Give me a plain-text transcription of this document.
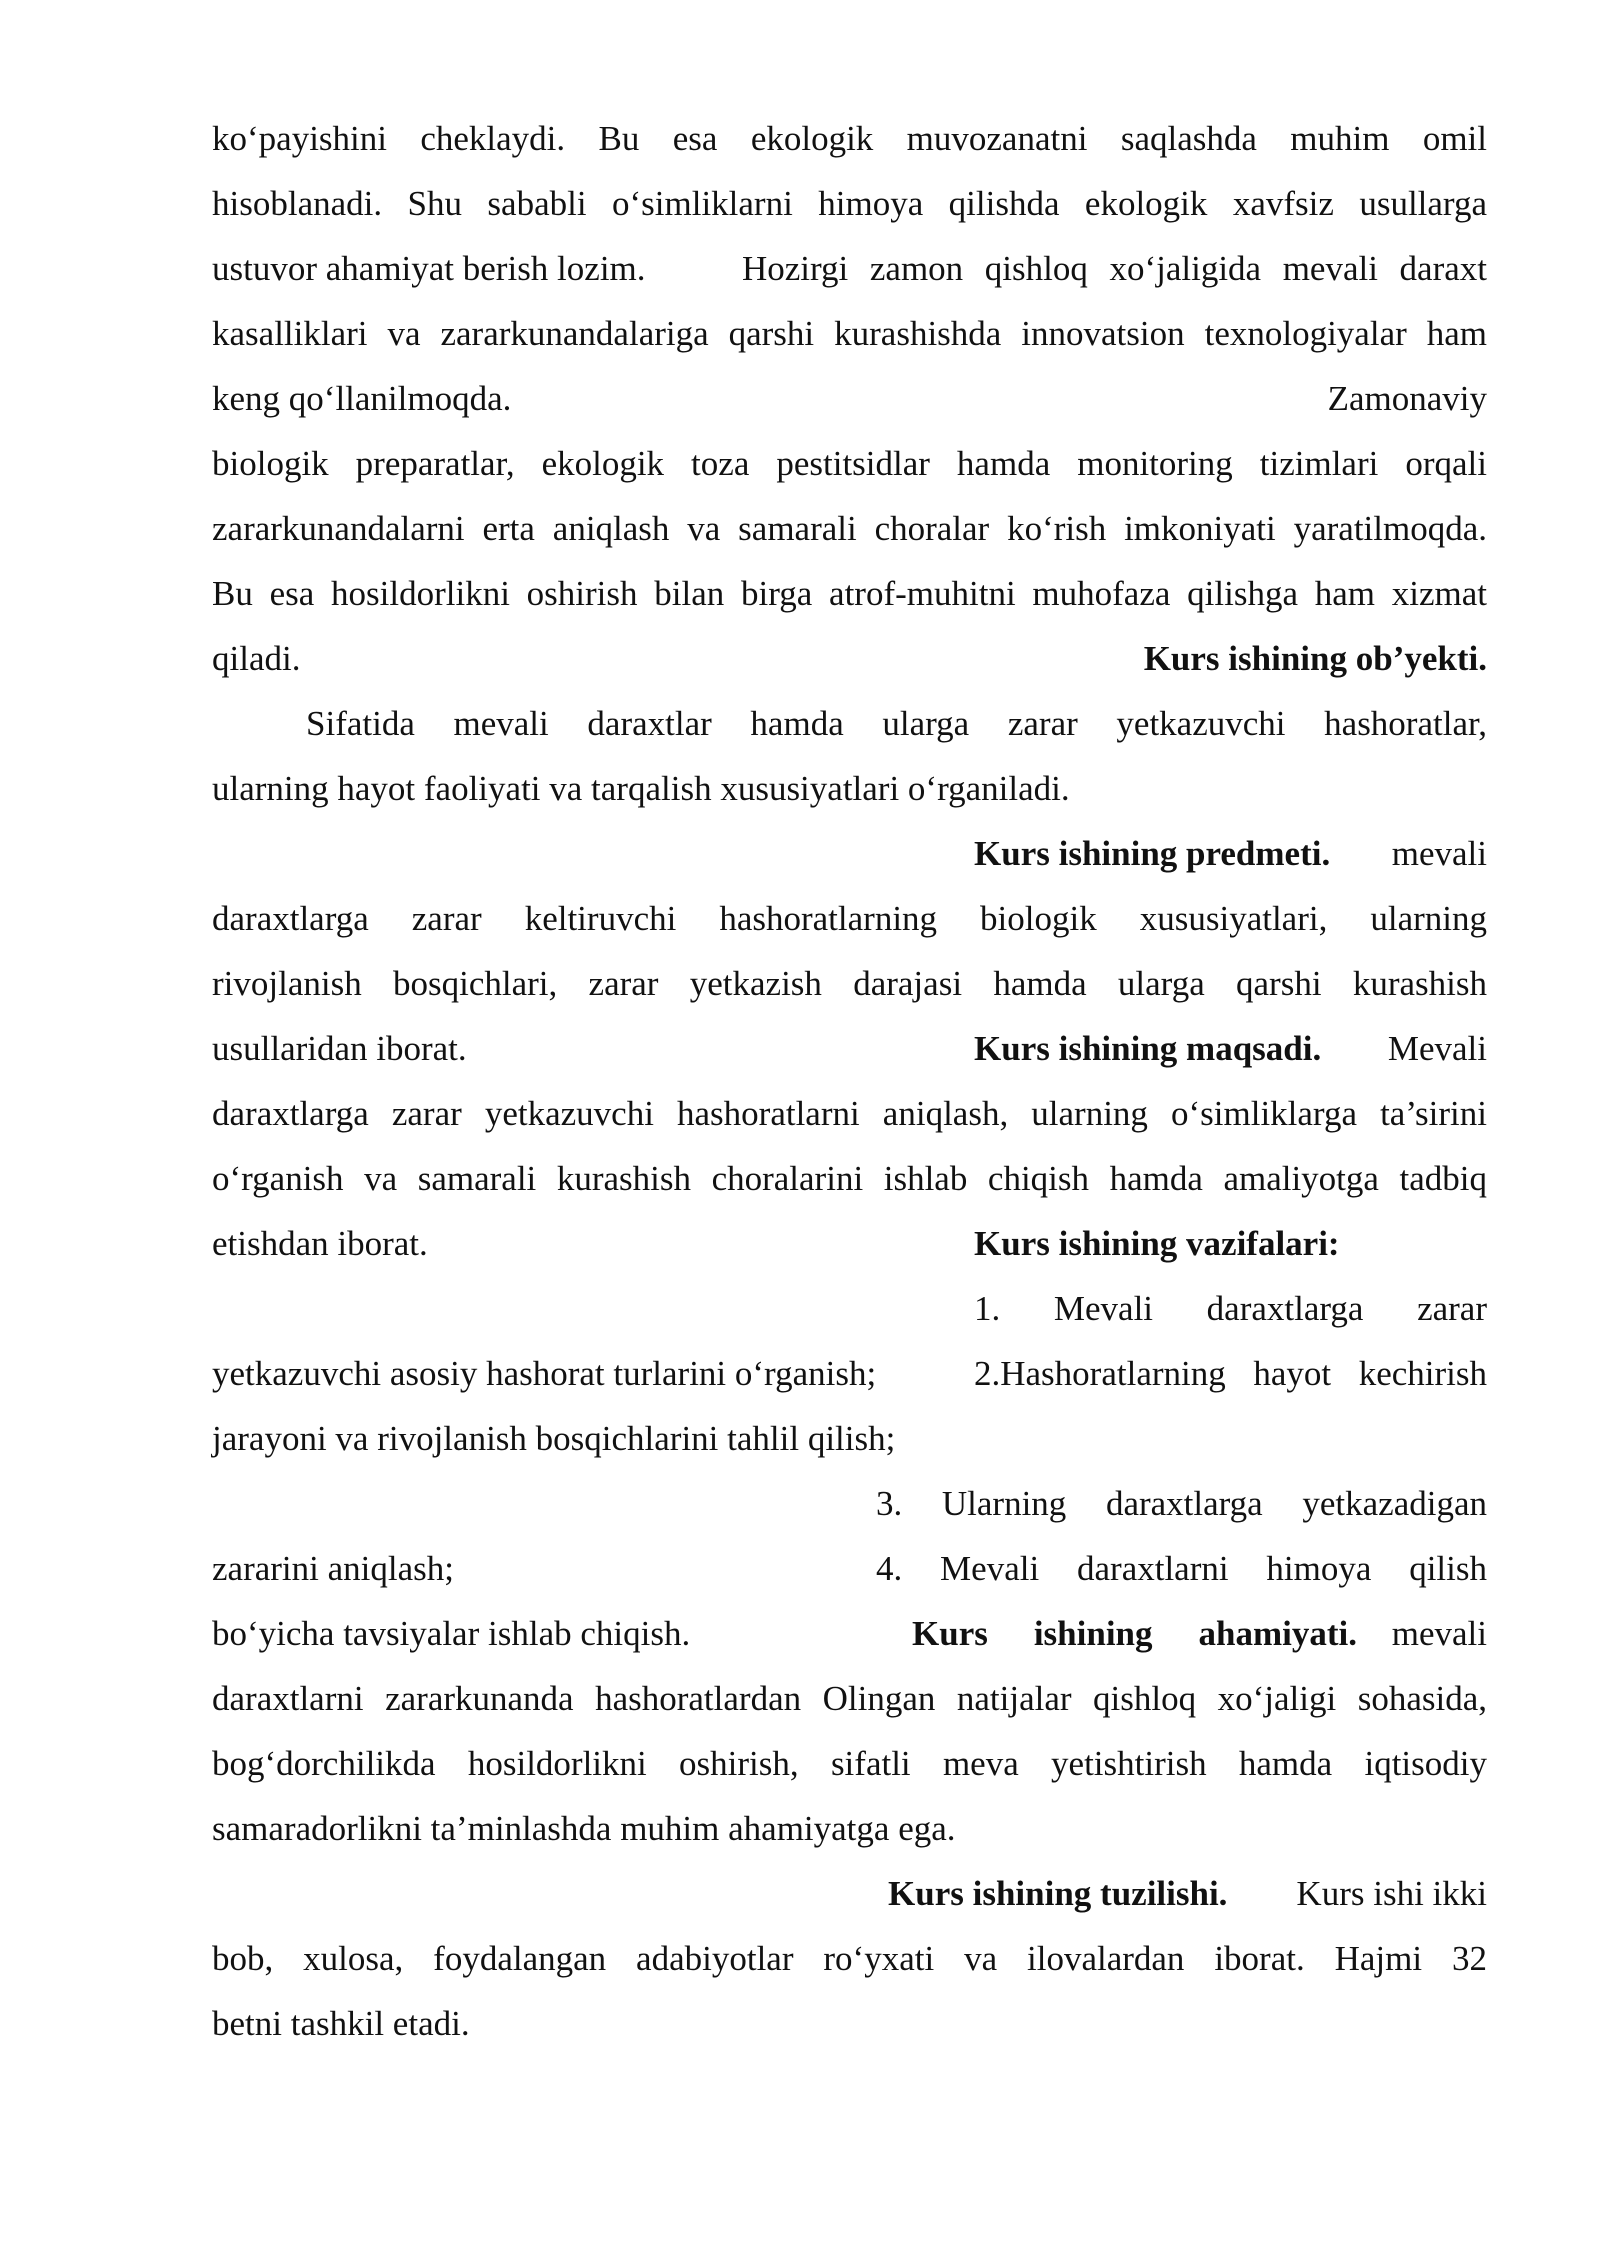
ko‘payishini cheklaydi. Bu esa ekologik muvozanatni saqlashda muhim omil
hisoblanadi. Shu sababli o‘simliklarni himoya qilishda ekologik xavfsiz usullarga
ustuvor ahamiyat berish lozim.	Hozirgi zamon qishloq xo‘jaligida mevali daraxt
kasalliklari va zararkunandalariga qarshi kurashishda innovatsion texnologiyalar ham
keng qo‘llanilmoqda.	Zamonaviy
biologik preparatlar, ekologik toza pestitsidlar hamda monitoring tizimlari orqali
zararkunandalarni erta aniqlash va samarali choralar ko‘rish imkoniyati yaratilmoqda.
Bu esa hosildorlikni oshirish bilan birga atrof-muhitni muhofaza qilishga ham xizmat
qiladi.	Kurs ishining ob’yekti.
Sifatida mevali daraxtlar hamda ularga zarar yetkazuvchi hashoratlar,
ularning hayot faoliyati va tarqalish xususiyatlari o‘rganiladi.
Kurs ishining predmeti. mevali
daraxtlarga zarar keltiruvchi hashoratlarning biologik xususiyatlari, ularning
rivojlanish bosqichlari, zarar yetkazish darajasi hamda ularga qarshi kurashish
usullaridan iborat.	Kurs ishining maqsadi. Mevali
daraxtlarga zarar yetkazuvchi hashoratlarni aniqlash, ularning o‘simliklarga ta’sirini
o‘rganish va samarali kurashish choralarini ishlab chiqish hamda amaliyotga tadbiq
etishdan iborat.	Kurs ishining vazifalari:
1. Mevali daraxtlarga zarar
yetkazuvchi asosiy hashorat turlarini o‘rganish;	2.Hashoratlarning hayot kechirish
jarayoni va rivojlanish bosqichlarini tahlil qilish;
3. Ularning daraxtlarga yetkazadigan
zararini aniqlash;	4. Mevali daraxtlarni himoya qilish
bo‘yicha tavsiyalar ishlab chiqish.	Kurs ishining ahamiyati. mevali
daraxtlarni zararkunanda hashoratlardan Olingan natijalar qishloq xo‘jaligi sohasida,
bog‘dorchilikda hosildorlikni oshirish, sifatli meva yetishtirish hamda iqtisodiy
samaradorlikni ta’minlashda muhim ahamiyatga ega.
Kurs ishining tuzilishi. Kurs ishi ikki
bob, xulosa, foydalangan adabiyotlar ro‘yxati va ilovalardan iborat. Hajmi 32
betni tashkil etadi.
